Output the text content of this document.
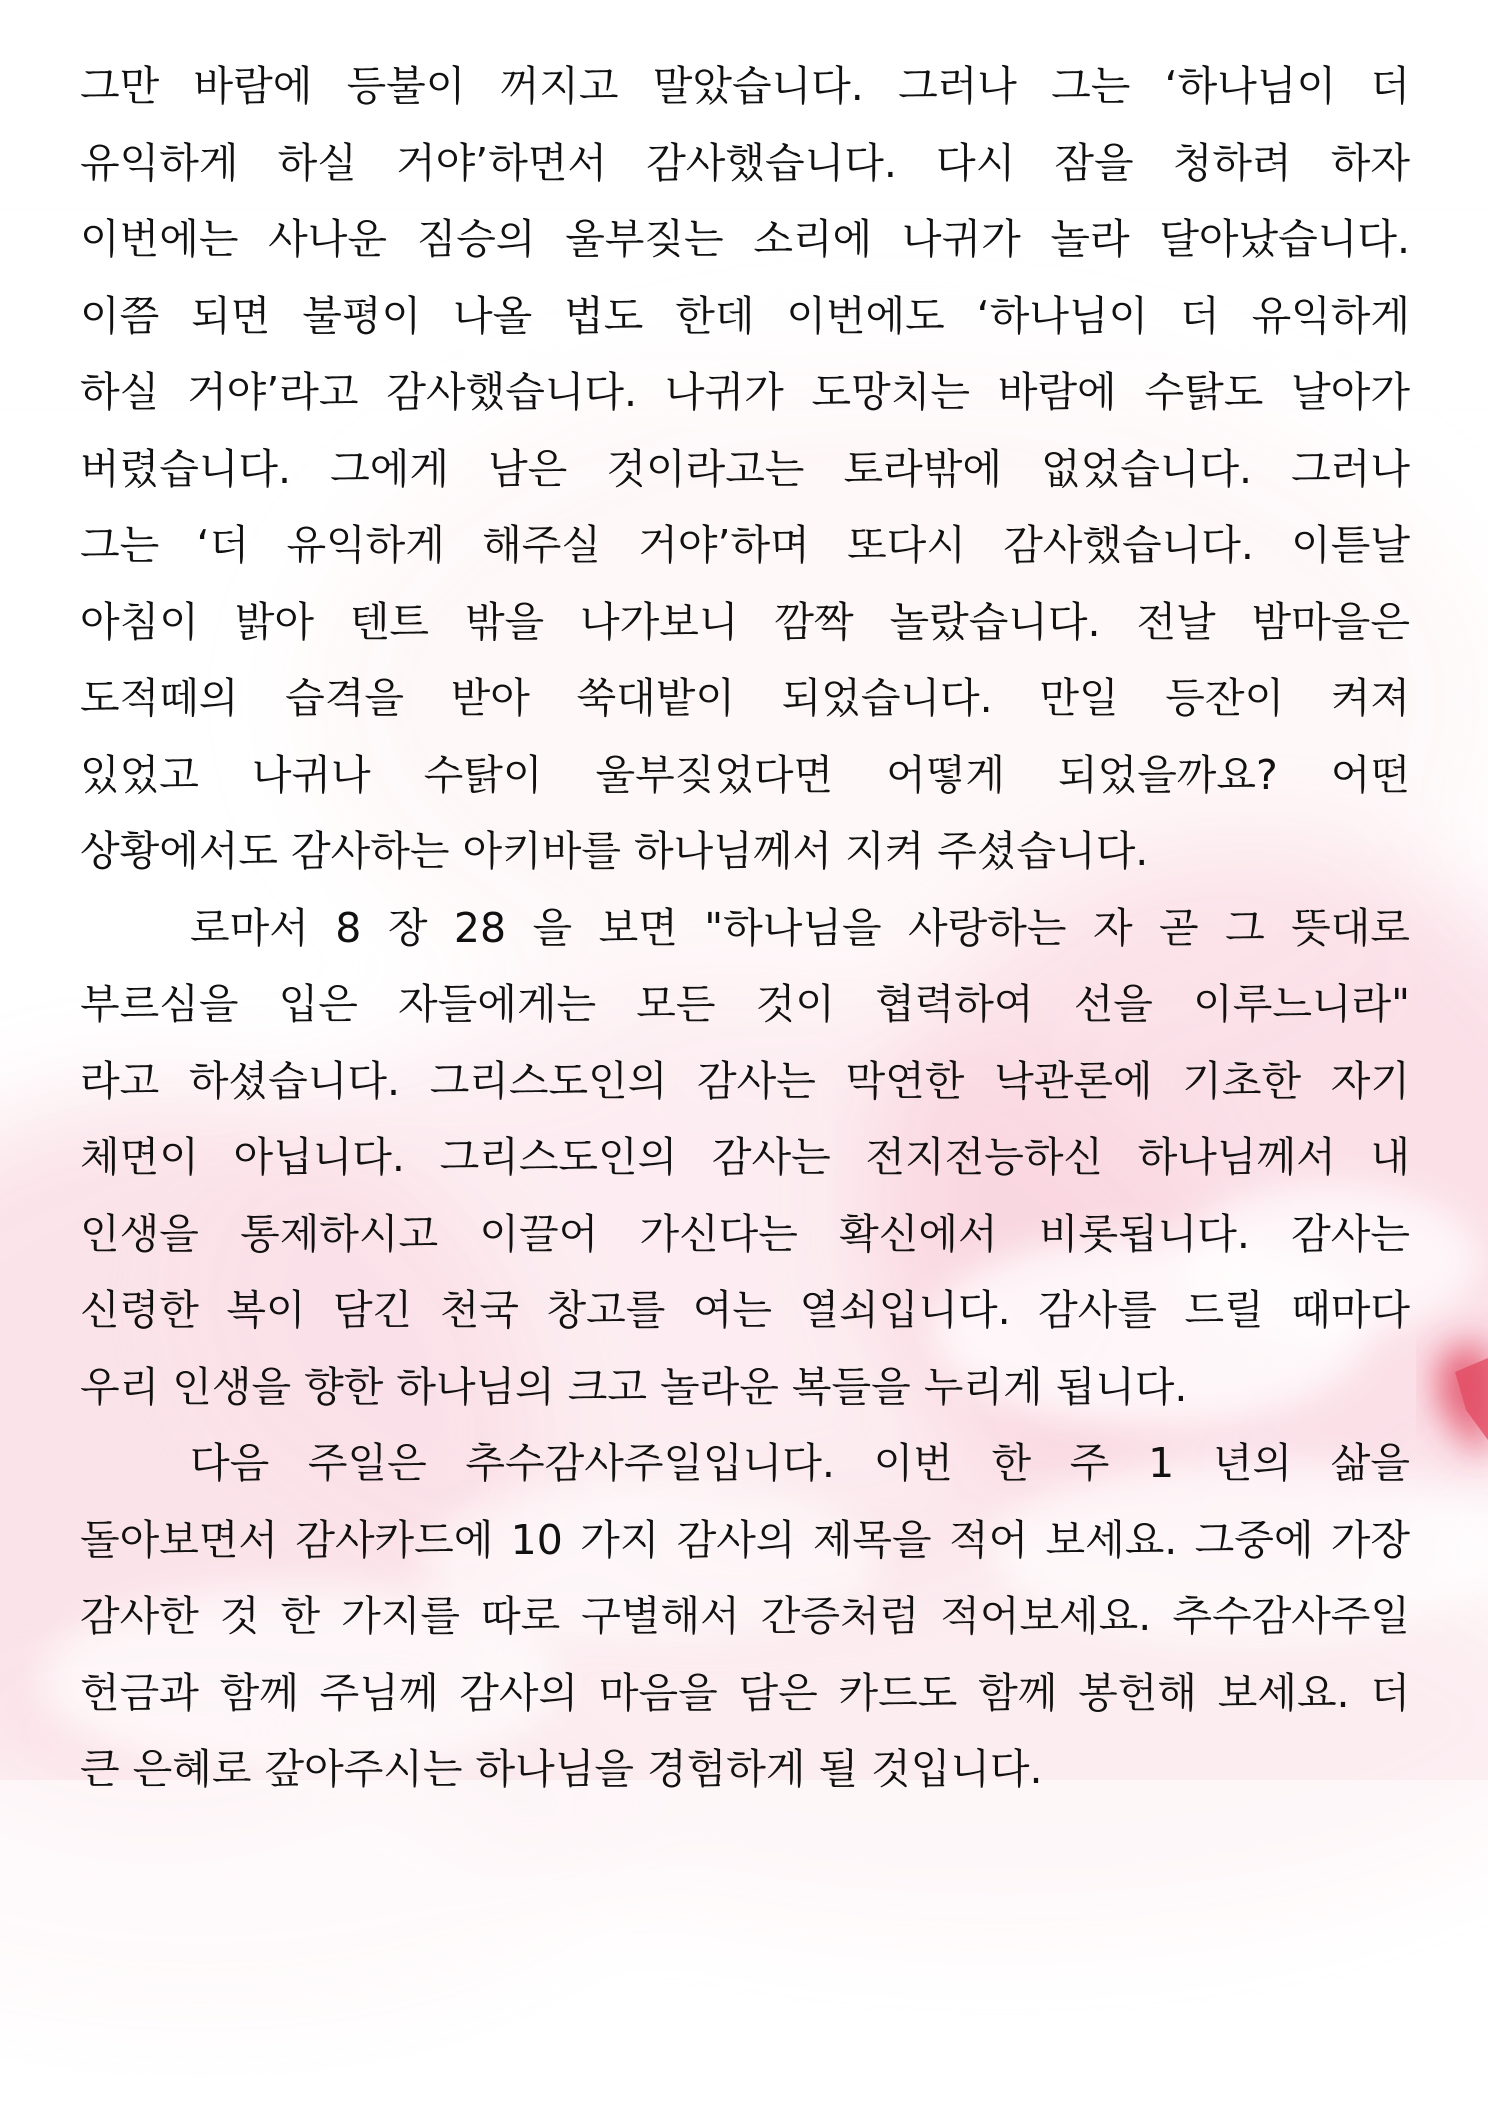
그만 바람에 등불이 꺼지고 말았습니다. 그러나 그는 ‘하나님이 더
유익하게 하실 거야’하면서 감사했습니다. 다시 잠을 청하려 하자
이번에는 사나운 짐승의 울부짖는 소리에 나귀가 놀라 달아났습니다.
이쯤 되면 불평이 나올 법도 한데 이번에도 ‘하나님이 더 유익하게
하실 거야’라고 감사했습니다. 나귀가 도망치는 바람에 수탉도 날아가
버렸습니다. 그에게 남은 것이라고는 토라밖에 없었습니다. 그러나
그는 ‘더 유익하게 해주실 거야’하며 또다시 감사했습니다. 이튿날
아침이 밝아 텐트 밖을 나가보니 깜짝 놀랐습니다. 전날 밤마을은
도적떼의 습격을 받아 쑥대밭이 되었습니다. 만일 등잔이 켜져
있었고 나귀나 수탉이 울부짖었다면 어떻게 되었을까요? 어떤
상황에서도 감사하는 아키바를 하나님께서 지켜 주셨습니다.

로마서 8 장 28 을 보면 "하나님을 사랑하는 자 곧 그 뜻대로
부르심을 입은 자들에게는 모든 것이 협력하여 선을 이루느니라"
라고 하셨습니다. 그리스도인의 감사는 막연한 낙관론에 기초한 자기
체면이 아닙니다. 그리스도인의 감사는 전지전능하신 하나님께서 내
인생을 통제하시고 이끌어 가신다는 확신에서 비롯됩니다. 감사는
신령한 복이 담긴 천국 창고를 여는 열쇠입니다. 감사를 드릴 때마다
우리 인생을 향한 하나님의 크고 놀라운 복들을 누리게 됩니다.

다음 주일은 추수감사주일입니다. 이번 한 주 1 년의 삶을
돌아보면서 감사카드에 10 가지 감사의 제목을 적어 보세요. 그중에 가장
감사한 것 한 가지를 따로 구별해서 간증처럼 적어보세요. 추수감사주일
헌금과 함께 주님께 감사의 마음을 담은 카드도 함께 봉헌해 보세요. 더
큰 은혜로 갚아주시는 하나님을 경험하게 될 것입니다.
